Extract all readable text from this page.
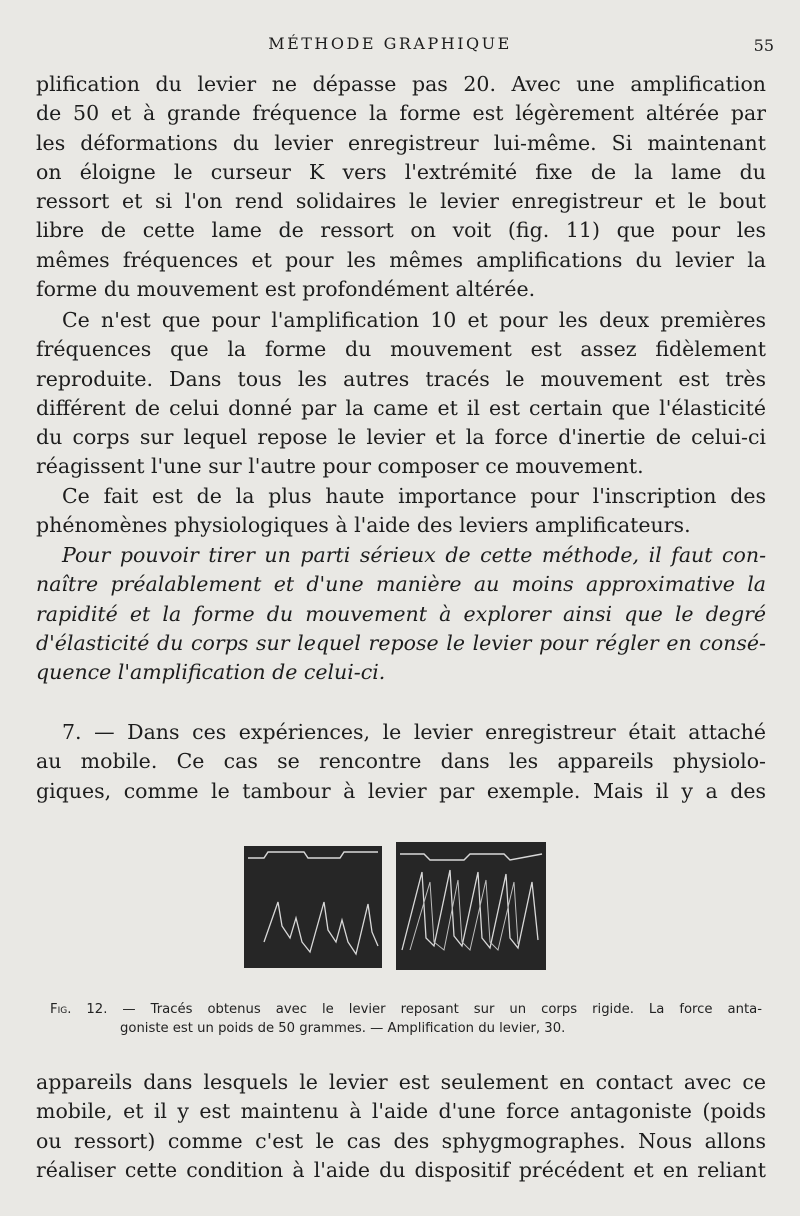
MÉTHODE GRAPHIQUE	55
plification du levier ne dépasse pas 20. Avec une amplification
de 50 et à grande fréquence la forme est légèrement altérée par
les déformations du levier enregistreur lui-même. Si maintenant
on éloigne le curseur K vers l'extrémité fixe de la lame du
ressort et si l'on rend solidaires le levier enregistreur et le bout
libre de cette lame de ressort on voit (fig. 11) que pour les
mêmes fréquences et pour les mêmes amplifications du levier la
forme du mouvement est profondément altérée.
Ce n'est que pour l'amplification 10 et pour les deux premières
fréquences que la forme du mouvement est assez fidèlement
reproduite. Dans tous les autres tracés le mouvement est très
différent de celui donné par la came et il est certain que l'élasticité
du corps sur lequel repose le levier et la force d'inertie de celui-ci
réagissent l'une sur l'autre pour composer ce mouvement.
Ce fait est de la plus haute importance pour l'inscription des
phénomènes physiologiques à l'aide des leviers amplificateurs.
Pour pouvoir tirer un parti sérieux de cette méthode, il faut con-
naître préalablement et d'une manière au moins approximative la
rapidité et la forme du mouvement à explorer ainsi que le degré
d'élasticité du corps sur lequel repose le levier pour régler en consé-
quence l'amplification de celui-ci.
7. — Dans ces expériences, le levier enregistreur était attaché
au mobile. Ce cas se rencontre dans les appareils physiolo-
giques, comme le tambour à levier par exemple. Mais il y a des
Fig. 12. — Tracés obtenus avec le levier reposant sur un corps rigide. La force anta-
goniste est un poids de 50 grammes. — Amplification du levier, 30.
appareils dans lesquels le levier est seulement en contact avec ce
mobile, et il y est maintenu à l'aide d'une force antagoniste (poids
ou ressort) comme c'est le cas des sphygmographes. Nous allons
réaliser cette condition à l'aide du dispositif précédent et en reliant
